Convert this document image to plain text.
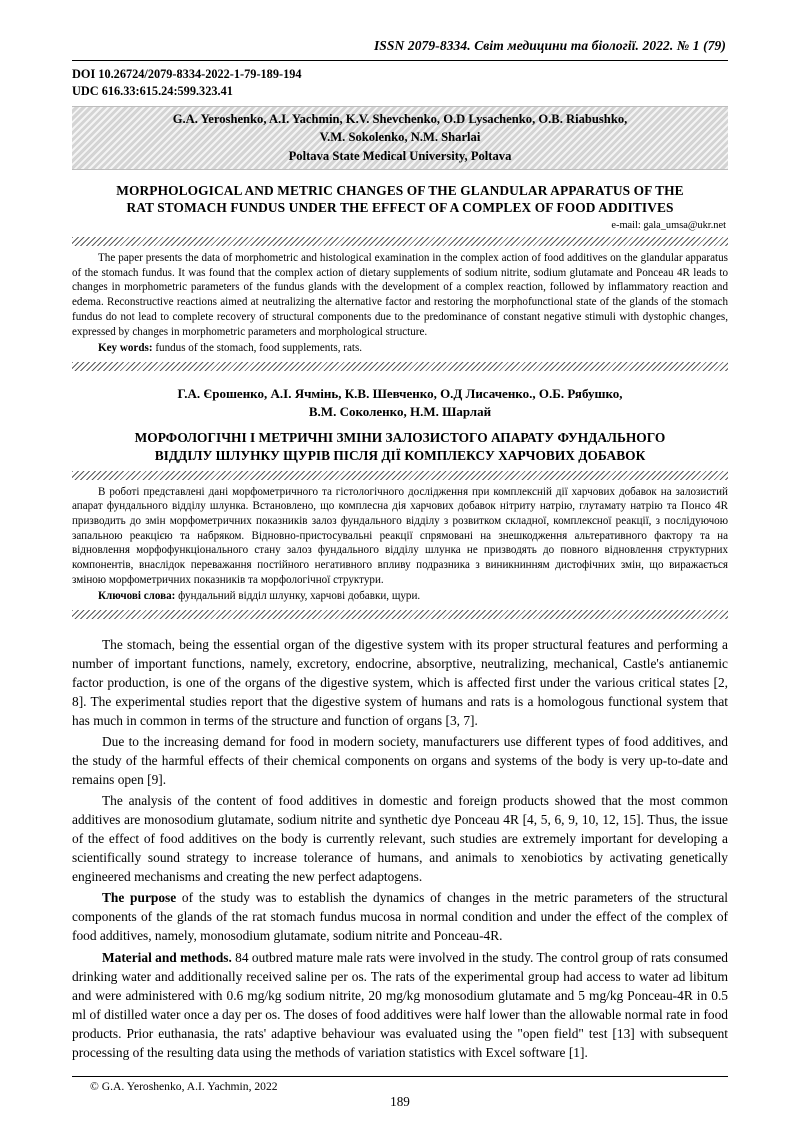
ISSN 2079-8334. Світ медицини та біології. 2022. № 1 (79)
DOI 10.26724/2079-8334-2022-1-79-189-194
UDC 616.33:615.24:599.323.41
G.A. Yeroshenko, A.I. Yachmin, K.V. Shevchenko, O.D Lysachenko, O.B. Riabushko,
V.M. Sokolenko, N.M. Sharlai
Poltava State Medical University, Poltava
MORPHOLOGICAL AND METRIC CHANGES OF THE GLANDULAR APPARATUS OF THE
RAT STOMACH FUNDUS UNDER THE EFFECT OF A COMPLEX OF FOOD ADDITIVES
e-mail: gala_umsa@ukr.net
The paper presents the data of morphometric and histological examination in the complex action of food additives on the glandular apparatus of the stomach fundus. It was found that the complex action of dietary supplements of sodium nitrite, sodium glutamate and Ponceau 4R leads to changes in morphometric parameters of the fundus glands with the development of a complex reaction, followed by inflammatory reaction and edema. Reconstructive reactions aimed at neutralizing the alternative factor and restoring the morphofunctional state of the glands of the stomach fundus do not lead to complete recovery of structural components due to the predominance of constant negative stimuli with dystophic changes, expressed by changes in morphometric parameters and morphological structure.
Key words: fundus of the stomach, food supplements, rats.
Г.А. Єрошенко, А.І. Ячмінь, К.В. Шевченко, О.Д Лисаченко., О.Б. Рябушко,
В.М. Соколенко, Н.М. Шарлай
МОРФОЛОГІЧНІ І МЕТРИЧНІ ЗМІНИ ЗАЛОЗИСТОГО АПАРАТУ ФУНДАЛЬНОГО
ВІДДІЛУ ШЛУНКУ ЩУРІВ ПІСЛЯ ДІЇ КОМПЛЕКСУ ХАРЧОВИХ ДОБАВОК
В роботі представлені дані морфометричного та гістологічного дослідження при комплексній дії харчових добавок на залозистий апарат фундального відділу шлунка. Встановлено, що комплесна дія харчових добавок нітриту натрію, глутамату натрію та Понсо 4R призводить до змін морфометричних показників залоз фундального відділу з розвитком складної, комплексної реакції, з послідуючою запальною реакцією та набряком. Відновно-пристосувальні реакції спрямовані на знешкодження альтеративного фактору та на відновлення морфофункціонального стану залоз фундального відділу шлунка не призводять до повного відновлення структурних компонентів, внаслідок переважання постійного негативного впливу подразника з виникнинням дистофічних змін, що виражається зміною морфометричних показників та морфологічної структури.
Ключові слова: фундальний відділ шлунку, харчові добавки, щури.
The stomach, being the essential organ of the digestive system with its proper structural features and performing a number of important functions, namely, excretory, endocrine, absorptive, neutralizing, mechanical, Castle's antianemic factor production, is one of the organs of the digestive system, which is affected first under the various critical states [2, 8]. The experimental studies report that the digestive system of humans and rats is a homologous functional system that has much in common in terms of the structure and function of organs [3, 7].
Due to the increasing demand for food in modern society, manufacturers use different types of food additives, and the study of the harmful effects of their chemical components on organs and systems of the body is very up-to-date and remains open [9].
The analysis of the content of food additives in domestic and foreign products showed that the most common additives are monosodium glutamate, sodium nitrite and synthetic dye Ponceau 4R [4, 5, 6, 9, 10, 12, 15]. Thus, the issue of the effect of food additives on the body is currently relevant, such studies are extremely important for developing a scientifically sound strategy to increase tolerance of humans, and animals to xenobiotics by activating genetically engineered mechanisms and creating the new perfect adaptogens.
The purpose of the study was to establish the dynamics of changes in the metric parameters of the structural components of the glands of the rat stomach fundus mucosa in normal condition and under the effect of the complex of food additives, namely, monosodium glutamate, sodium nitrite and Ponceau-4R.
Material and methods. 84 outbred mature male rats were involved in the study. The control group of rats consumed drinking water and additionally received saline per os. The rats of the experimental group had access to water ad libitum and were administered with 0.6 mg/kg sodium nitrite, 20 mg/kg monosodium glutamate and 5 mg/kg Ponceau-4R in 0.5 ml of distilled water once a day per os. The doses of food additives were half lower than the allowable normal rate in food products. Prior euthanasia, the rats' adaptive behaviour was evaluated using the "open field" test [13] with subsequent processing of the resulting data using the methods of variation statistics with Excel software [1].
© G.A. Yeroshenko, A.I. Yachmin, 2022
189
